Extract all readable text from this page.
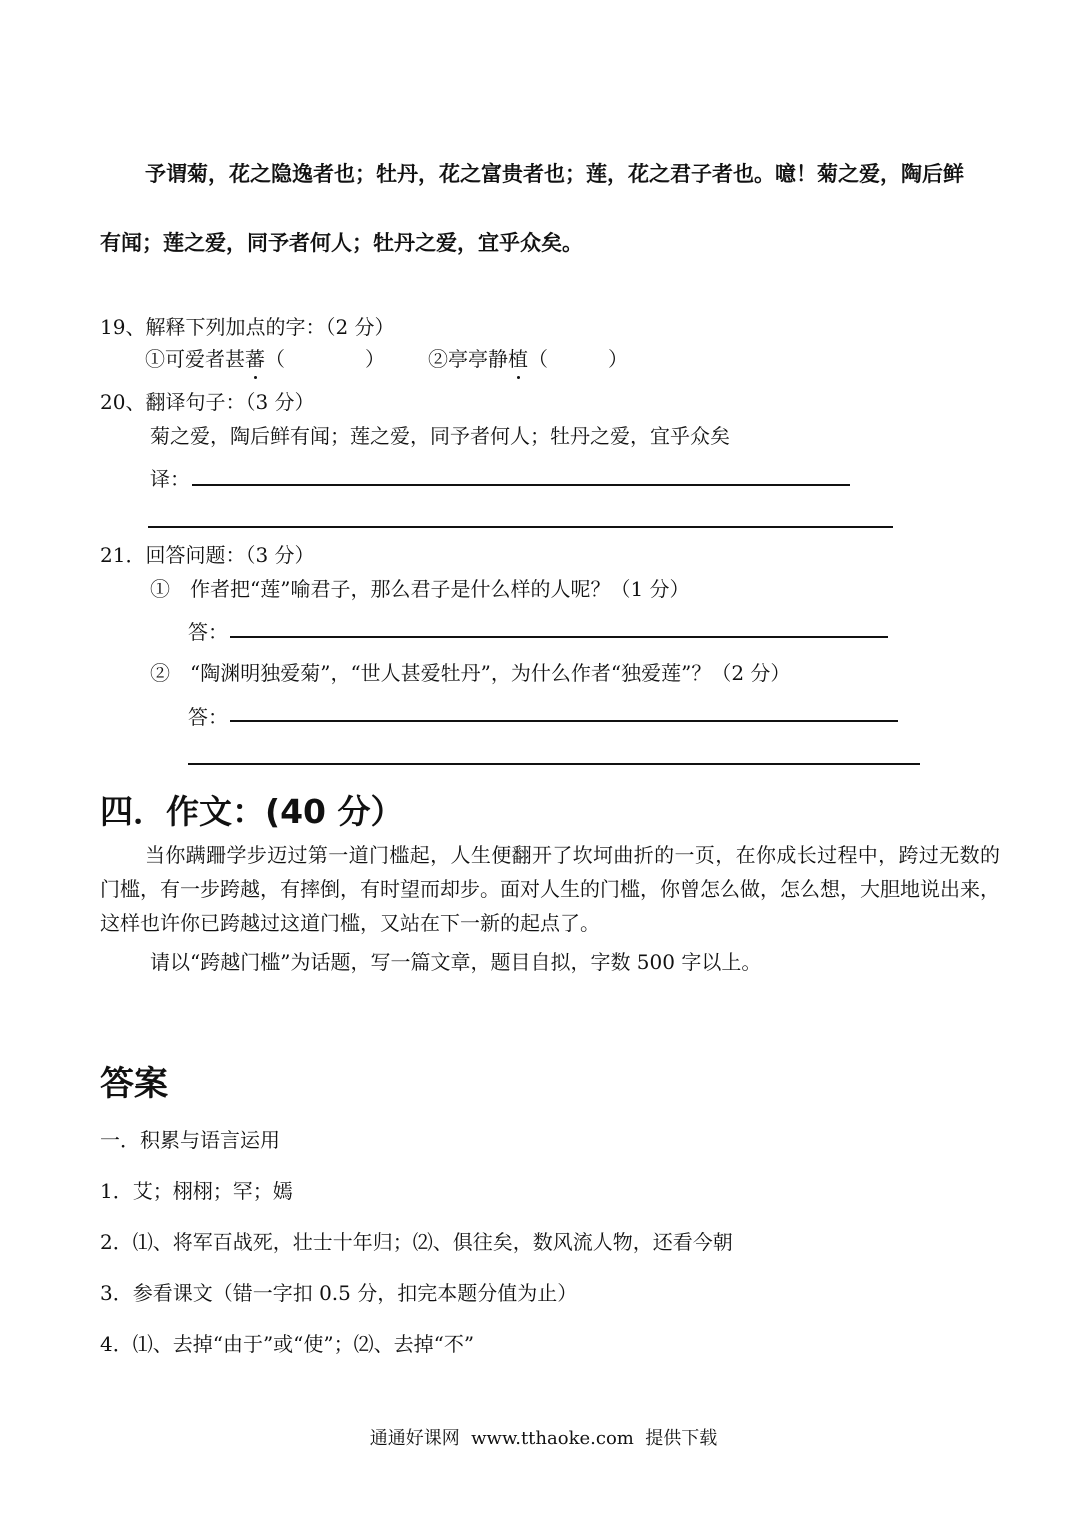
予谓菊，花之隐逸者也；牡丹，花之富贵者也；莲，花之君子者也。噫！菊之爱，陶后鲜
有闻；莲之爱，同予者何人；牡丹之爱，宜乎众矣。
19、解释下列加点的字：（2 分）
①可爱者甚蕃（　　　　） ②亭亭静植（　　　）
20、翻译句子：（3 分）
菊之爱，陶后鲜有闻；莲之爱，同予者何人；牡丹之爱，宜乎众矣
译：
21．回答问题：（3 分）
①　作者把“莲”喻君子，那么君子是什么样的人呢？（1 分）
答：
②　“陶渊明独爱菊”，“世人甚爱牡丹”，为什么作者“独爱莲”？（2 分）
答：
四．作文：(40 分）
当你蹒跚学步迈过第一道门槛起，人生便翻开了坎坷曲折的一页，在你成长过程中，跨过无数的门槛，有一步跨越，有摔倒，有时望而却步。面对人生的门槛，你曾怎么做，怎么想，大胆地说出来，这样也许你已跨越过这道门槛，又站在下一新的起点了。
请以“跨越门槛”为话题，写一篇文章，题目自拟，字数 500 字以上。
答案
一．积累与语言运用
1．艾；栩栩；罕；嫣
2．⑴、将军百战死，壮士十年归；⑵、俱往矣，数风流人物，还看今朝
3．参看课文（错一字扣 0.5 分，扣完本题分值为止）
4．⑴、去掉“由于”或“使”；⑵、去掉“不”
通通好课网  www.tthaoke.com  提供下载
